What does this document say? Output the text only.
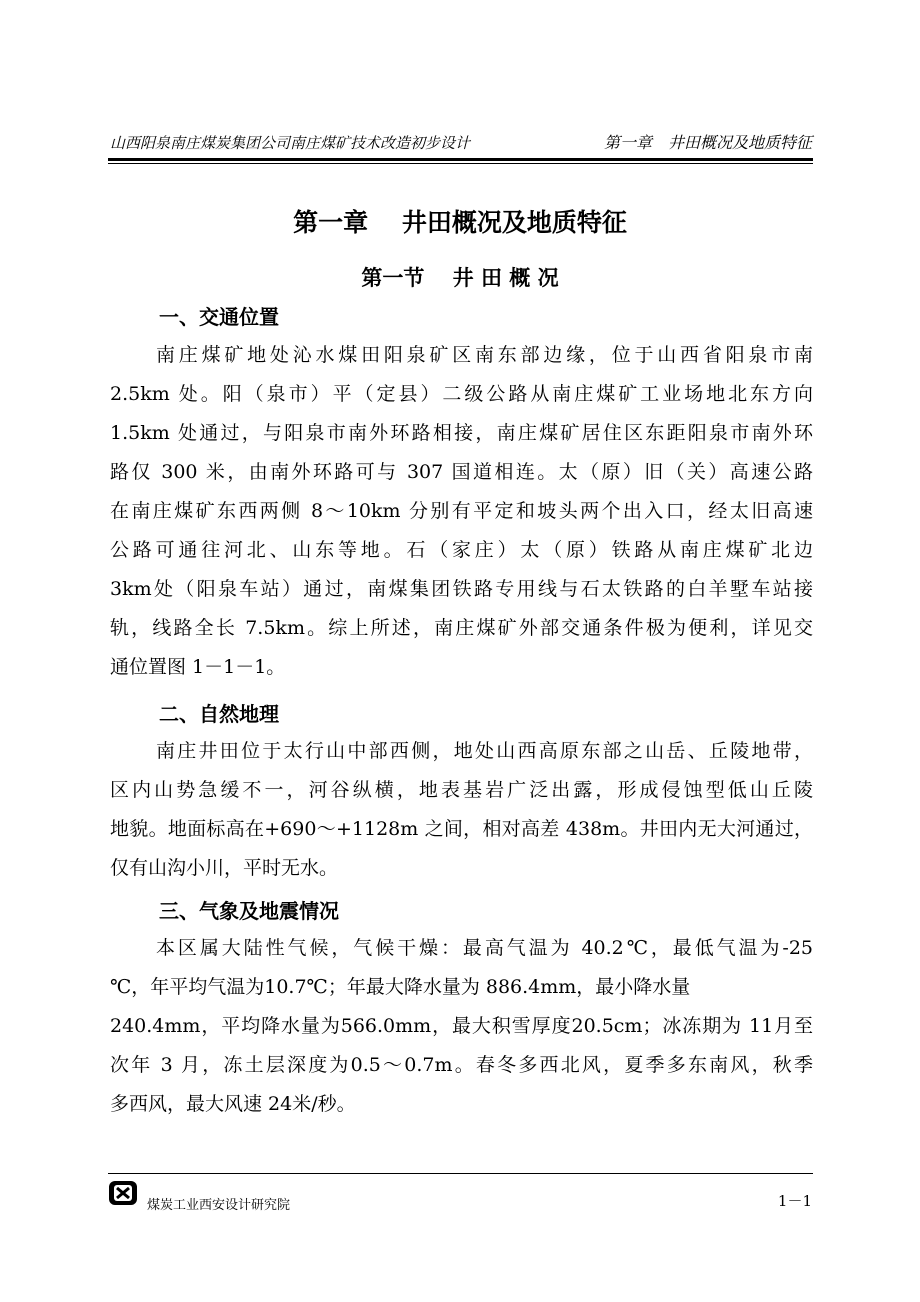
山西阳泉南庄煤炭集团公司南庄煤矿技术改造初步设计	第一章　井田概况及地质特征
第一章　 井田概况及地质特征
第一节　 井 田 概 况
一、交通位置
南庄煤矿地处沁水煤田阳泉矿区南东部边缘，位于山西省阳泉市南
2.5km 处。阳（泉市）平（定县）二级公路从南庄煤矿工业场地北东方向
1.5km 处通过，与阳泉市南外环路相接，南庄煤矿居住区东距阳泉市南外环
路仅 300 米，由南外环路可与 307 国道相连。太（原）旧（关）高速公路
在南庄煤矿东西两侧 8～10km 分别有平定和坡头两个出入口，经太旧高速
公路可通往河北、山东等地。石（家庄）太（原）铁路从南庄煤矿北边
3km处（阳泉车站）通过，南煤集团铁路专用线与石太铁路的白羊墅车站接
轨，线路全长 7.5km。综上所述，南庄煤矿外部交通条件极为便利，详见交
通位置图 1－1－1。
二、自然地理
南庄井田位于太行山中部西侧，地处山西高原东部之山岳、丘陵地带，
区内山势急缓不一，河谷纵横，地表基岩广泛出露，形成侵蚀型低山丘陵
地貌。地面标高在+690～+1128m 之间，相对高差 438m。井田内无大河通过，
仅有山沟小川，平时无水。
三、气象及地震情况
本区属大陆性气候，气候干燥：最高气温为 40.2℃，最低气温为-25
℃，年平均气温为10.7℃；年最大降水量为 886.4mm，最小降水量
240.4mm，平均降水量为566.0mm，最大积雪厚度20.5cm；冰冻期为 11月至
次年 3 月，冻土层深度为0.5～0.7m。春冬多西北风，夏季多东南风，秋季
多西风，最大风速 24米/秒。
煤炭工业西安设计研究院	1－1
